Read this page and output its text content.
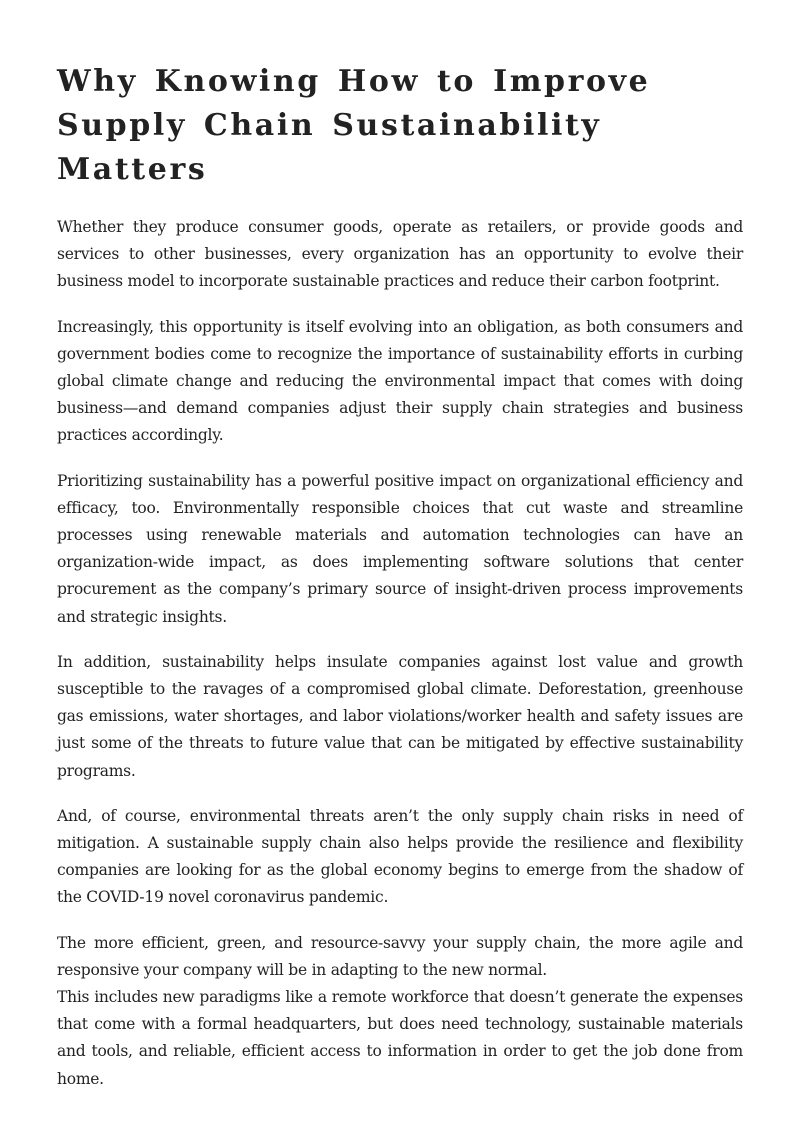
Why Knowing How to Improve Supply Chain Sustainability Matters

Whether they produce consumer goods, operate as retailers, or provide goods and services to other businesses, every organization has an opportunity to evolve their business model to incorporate sustainable practices and reduce their carbon footprint.

Increasingly, this opportunity is itself evolving into an obligation, as both consumers and government bodies come to recognize the importance of sustainability efforts in curbing global climate change and reducing the environmental impact that comes with doing business—and demand companies adjust their supply chain strategies and business practices accordingly.

Prioritizing sustainability has a powerful positive impact on organizational efficiency and efficacy, too. Environmentally responsible choices that cut waste and streamline processes using renewable materials and automation technologies can have an organization-wide impact, as does implementing software solutions that center procurement as the company’s primary source of insight-driven process improvements and strategic insights.

In addition, sustainability helps insulate companies against lost value and growth susceptible to the ravages of a compromised global climate. Deforestation, greenhouse gas emissions, water shortages, and labor violations/worker health and safety issues are just some of the threats to future value that can be mitigated by effective sustainability programs.

And, of course, environmental threats aren’t the only supply chain risks in need of mitigation. A sustainable supply chain also helps provide the resilience and flexibility companies are looking for as the global economy begins to emerge from the shadow of the COVID-19 novel coronavirus pandemic.

The more efficient, green, and resource-savvy your supply chain, the more agile and responsive your company will be in adapting to the new normal.

This includes new paradigms like a remote workforce that doesn’t generate the expenses that come with a formal headquarters, but does need technology, sustainable materials and tools, and reliable, efficient access to information in order to get the job done from home.
